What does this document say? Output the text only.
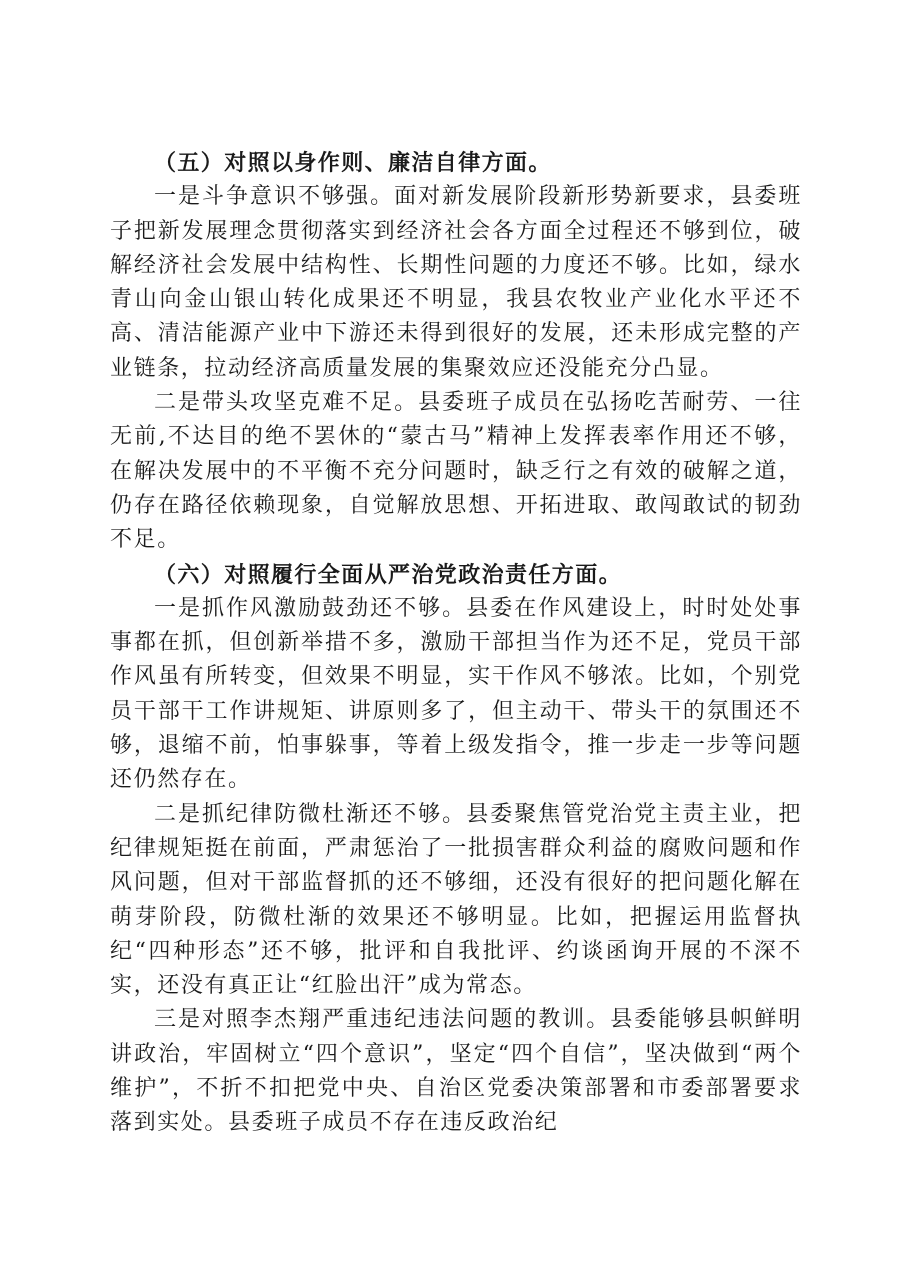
（五）对照以身作则、廉洁自律方面。

一是斗争意识不够强。面对新发展阶段新形势新要求，县委班子把新发展理念贯彻落实到经济社会各方面全过程还不够到位，破解经济社会发展中结构性、长期性问题的力度还不够。比如，绿水青山向金山银山转化成果还不明显，我县农牧业产业化水平还不高、清洁能源产业中下游还未得到很好的发展，还未形成完整的产业链条，拉动经济高质量发展的集聚效应还没能充分凸显。

二是带头攻坚克难不足。县委班子成员在弘扬吃苦耐劳、一往无前,不达目的绝不罢休的“蒙古马”精神上发挥表率作用还不够，在解决发展中的不平衡不充分问题时，缺乏行之有效的破解之道，仍存在路径依赖现象，自觉解放思想、开拓进取、敢闯敢试的韧劲不足。

（六）对照履行全面从严治党政治责任方面。

一是抓作风激励鼓劲还不够。县委在作风建设上，时时处处事事都在抓，但创新举措不多，激励干部担当作为还不足，党员干部作风虽有所转变，但效果不明显，实干作风不够浓。比如，个别党员干部干工作讲规矩、讲原则多了，但主动干、带头干的氛围还不够，退缩不前，怕事躲事，等着上级发指令，推一步走一步等问题还仍然存在。

二是抓纪律防微杜渐还不够。县委聚焦管党治党主责主业，把纪律规矩挺在前面，严肃惩治了一批损害群众利益的腐败问题和作风问题，但对干部监督抓的还不够细，还没有很好的把问题化解在萌芽阶段，防微杜渐的效果还不够明显。比如，把握运用监督执纪“四种形态”还不够，批评和自我批评、约谈函询开展的不深不实，还没有真正让“红脸出汗”成为常态。

三是对照李杰翔严重违纪违法问题的教训。县委能够县帜鲜明讲政治，牢固树立“四个意识”，坚定“四个自信”，坚决做到“两个维护”，不折不扣把党中央、自治区党委决策部署和市委部署要求落到实处。县委班子成员不存在违反政治纪
